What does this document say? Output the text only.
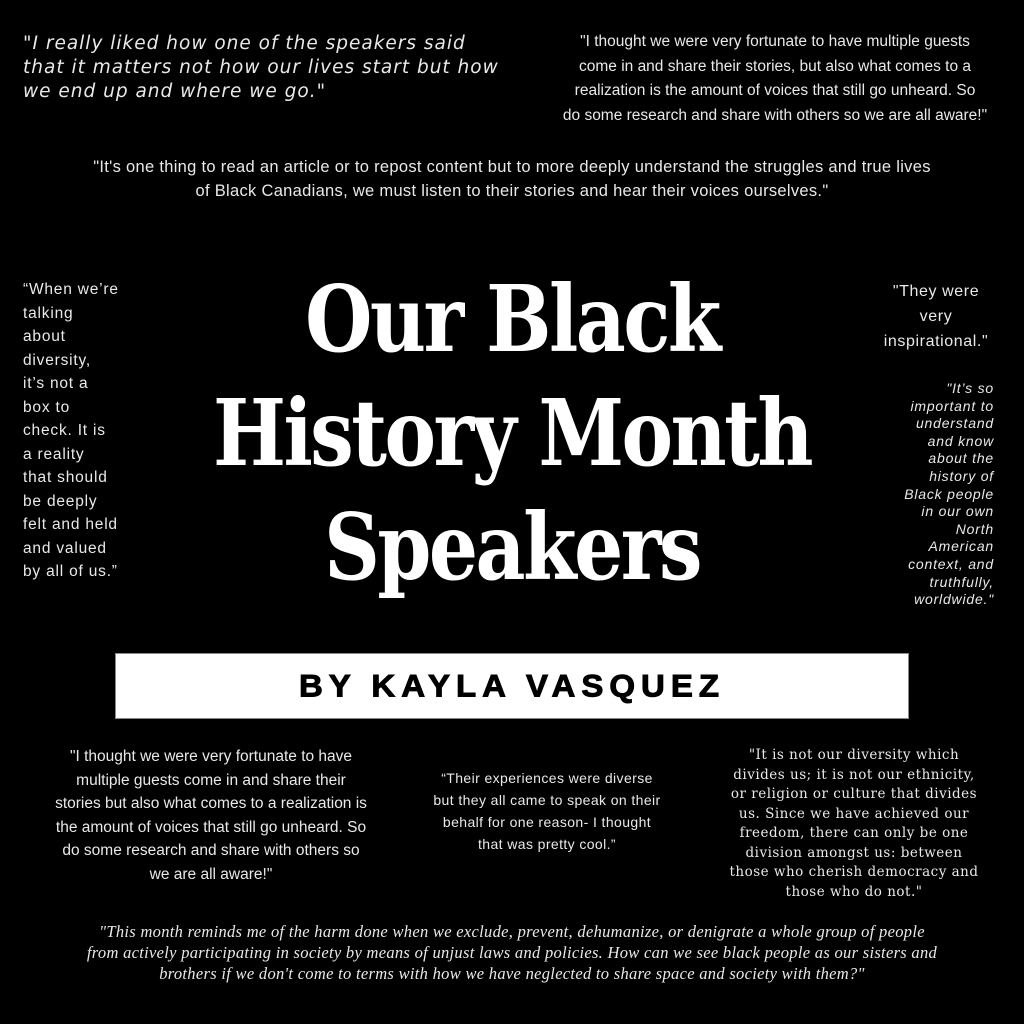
"I really liked how one of the speakers said
that it matters not how our lives start but how
we end up and where we go."
"I thought we were very fortunate to have multiple guests
come in and share their stories, but also what comes to a
realization is the amount of voices that still go unheard. So
do some research and share with others so we are all aware!"
"It's one thing to read an article or to repost content but to more deeply understand the struggles and true lives
of Black Canadians, we must listen to their stories and hear their voices ourselves."
“When we’re
talking
about
diversity,
it’s not a
box to
check. It is
a reality
that should
be deeply
felt and held
and valued
by all of us.”
Our Black
History Month
Speakers
"They were
very
inspirational."
"It’s so
important to
understand
and know
about the
history of
Black people
in our own
North
American
context, and
truthfully,
worldwide."
BY KAYLA VASQUEZ
"I thought we were very fortunate to have
multiple guests come in and share their
stories but also what comes to a realization is
the amount of voices that still go unheard. So
do some research and share with others so
we are all aware!"
“Their experiences were diverse
but they all came to speak on their
behalf for one reason- I thought
that was pretty cool.”
"It is not our diversity which
divides us; it is not our ethnicity,
or religion or culture that divides
us. Since we have achieved our
freedom, there can only be one
division amongst us: between
those who cherish democracy and
those who do not."
"This month reminds me of the harm done when we exclude, prevent, dehumanize, or denigrate a whole group of people
from actively participating in society by means of unjust laws and policies. How can we see black people as our sisters and
brothers if we don't come to terms with how we have neglected to share space and society with them?"
